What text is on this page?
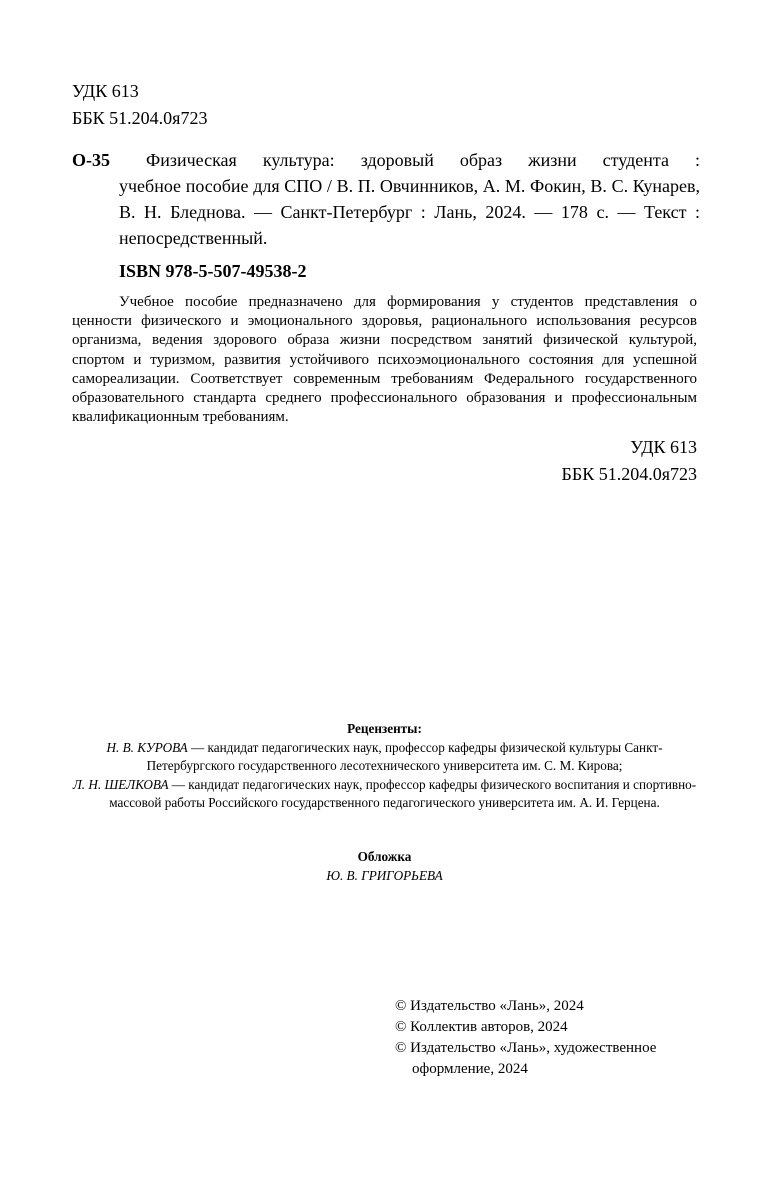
УДК 613
ББК 51.204.0я723
О-35	Физическая культура: здоровый образ жизни студента :
учебное пособие для СПО / В. П. Овчинников, А. М. Фокин, В. С. Кунарев, В. Н. Бледнова. — Санкт-Петербург : Лань, 2024. — 178 с. — Текст : непосредственный.
ISBN 978-5-507-49538-2
Учебное пособие предназначено для формирования у студентов представления о ценности физического и эмоционального здоровья, рационального использования ресурсов организма, ведения здорового образа жизни посредством занятий физической культурой, спортом и туризмом, развития устойчивого психоэмоционального состояния для успешной самореализации. Соответствует современным требованиям Федерального государственного образовательного стандарта среднего профессионального образования и профессиональным квалификационным требованиям.
УДК 613
ББК 51.204.0я723
Рецензенты:
Н. В. КУРОВА — кандидат педагогических наук, профессор кафедры физической культуры Санкт-Петербургского государственного лесотехнического университета им. С. М. Кирова;
Л. Н. ШЕЛКОВА — кандидат педагогических наук, профессор кафедры физического воспитания и спортивно-массовой работы Российского государственного педагогического университета им. А. И. Герцена.
Обложка
Ю. В. ГРИГОРЬЕВА
© Издательство «Лань», 2024
© Коллектив авторов, 2024
© Издательство «Лань», художественное оформление, 2024
